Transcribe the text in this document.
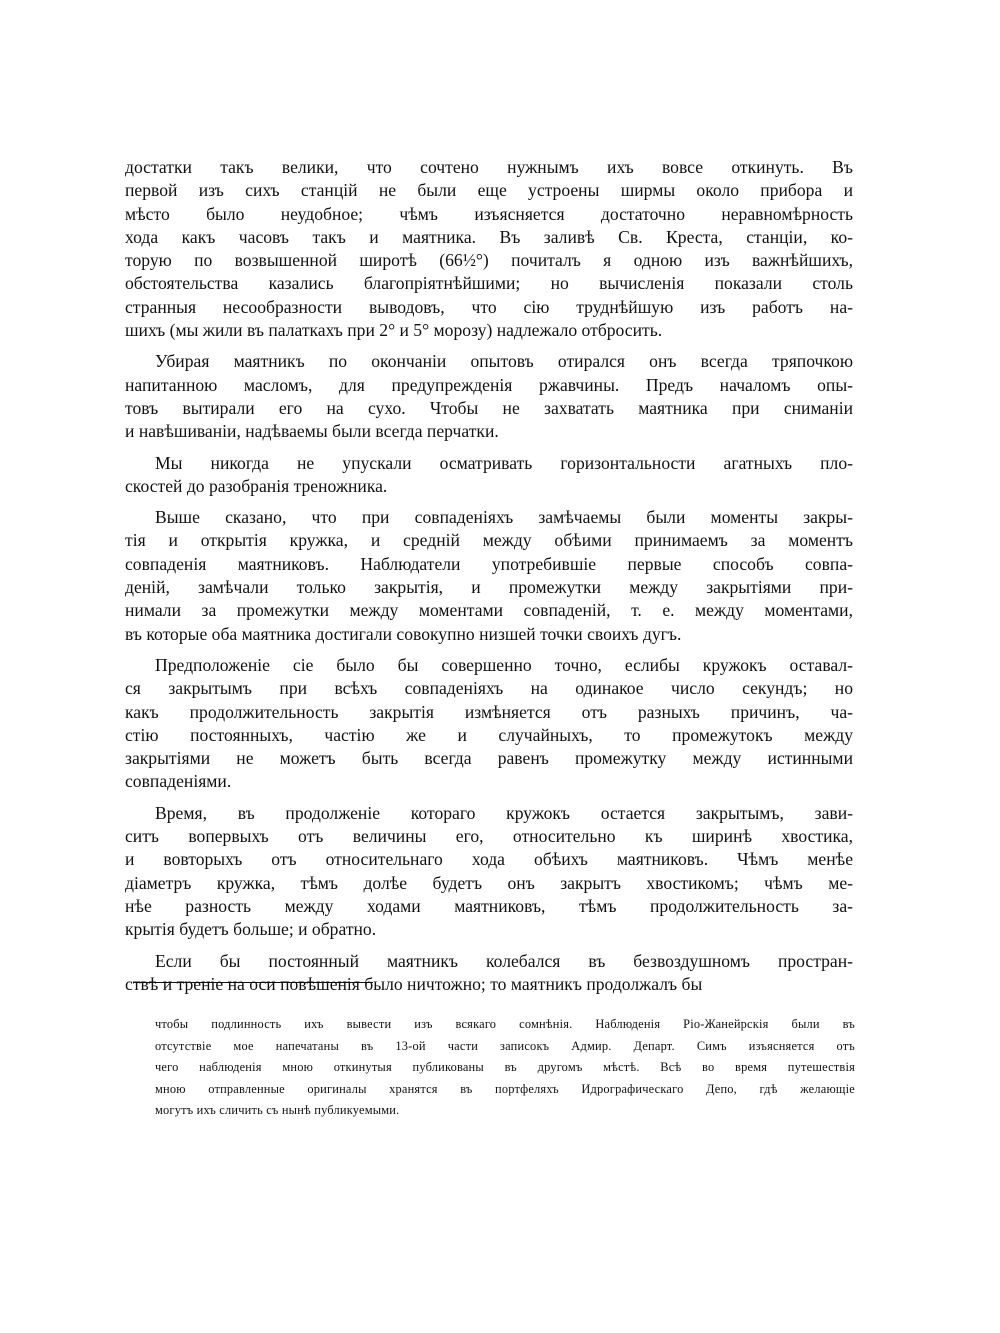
достатки такъ велики, что сочтено нужнымъ ихъ вовсе откинуть. Въ
первой изъ сихъ станцій не были еще устроены ширмы около прибора и
мѣсто было неудобное; чѣмъ изъясняется достаточно неравномѣрность
хода какъ часовъ такъ и маятника. Въ заливѣ Св. Креста, станціи, ко-
торую по возвышенной широтѣ (66½°) почиталъ я одною изъ важнѣйшихъ,
обстоятельства казались благопріятнѣйшими; но вычисленія показали столь
странныя несообразности выводовъ, что сію труднѣйшую изъ работъ на-
шихъ (мы жили въ палаткахъ при 2° и 5° морозу) надлежало отбросить.
Убирая маятникъ по окончаніи опытовъ отирался онъ всегда тряпочкою
напитанною масломъ, для предупрежденія ржавчины. Предъ началомъ опы-
товъ вытирали его на сухо. Чтобы не захватать маятника при сниманіи
и навѣшиваніи, надѣваемы были всегда перчатки.
Мы никогда не упускали осматривать горизонтальности агатныхъ пло-
скостей до разобранія треножника.
Выше сказано, что при совпаденіяхъ замѣчаемы были моменты закры-
тія и открытія кружка, и средній между обѣими принимаемъ за моментъ
совпаденія маятниковъ. Наблюдатели употребившіе первые способъ совпа-
деній, замѣчали только закрытія, и промежутки между закрытіями при-
нимали за промежутки между моментами совпаденій, т. е. между моментами,
въ которые оба маятника достигали совокупно низшей точки своихъ дугъ.
Предположеніе сіе было бы совершенно точно, еслибы кружокъ оставал-
ся закрытымъ при всѣхъ совпаденіяхъ на одинакое число секундъ; но
какъ продолжительность закрытія измѣняется отъ разныхъ причинъ, ча-
стію постоянныхъ, частію же и случайныхъ, то промежутокъ между
закрытіями не можетъ быть всегда равенъ промежутку между истинными
совпаденіями.
Время, въ продолженіе котораго кружокъ остается закрытымъ, зави-
ситъ вопервыхъ отъ величины его, относительно къ ширинѣ хвостика,
и вовторыхъ отъ относительнаго хода обѣихъ маятниковъ. Чѣмъ менѣе
діаметръ кружка, тѣмъ долѣе будетъ онъ закрытъ хвостикомъ; чѣмъ ме-
нѣе разность между ходами маятниковъ, тѣмъ продолжительность за-
крытія будетъ больше; и обратно.
Если бы постоянный маятникъ колебался въ безвоздушномъ простран-
ствѣ и треніе на оси повѣшенія было ничтожно; то маятникъ продолжалъ бы
чтобы подлинность ихъ вывести изъ всякаго сомнѣнія. Наблюденія Ріо-Жанейрскія были въ
отсутствіе мое напечатаны въ 13-ой части записокъ Адмир. Департ. Симъ изъясняется отъ
чего наблюденія мною откинутыя публикованы въ другомъ мѣстѣ. Всѣ во время путешествія
мною отправленные оригиналы хранятся въ портфеляхъ Идрографическаго Депо, гдѣ желающіе
могутъ ихъ сличить съ нынѣ публикуемыми.
